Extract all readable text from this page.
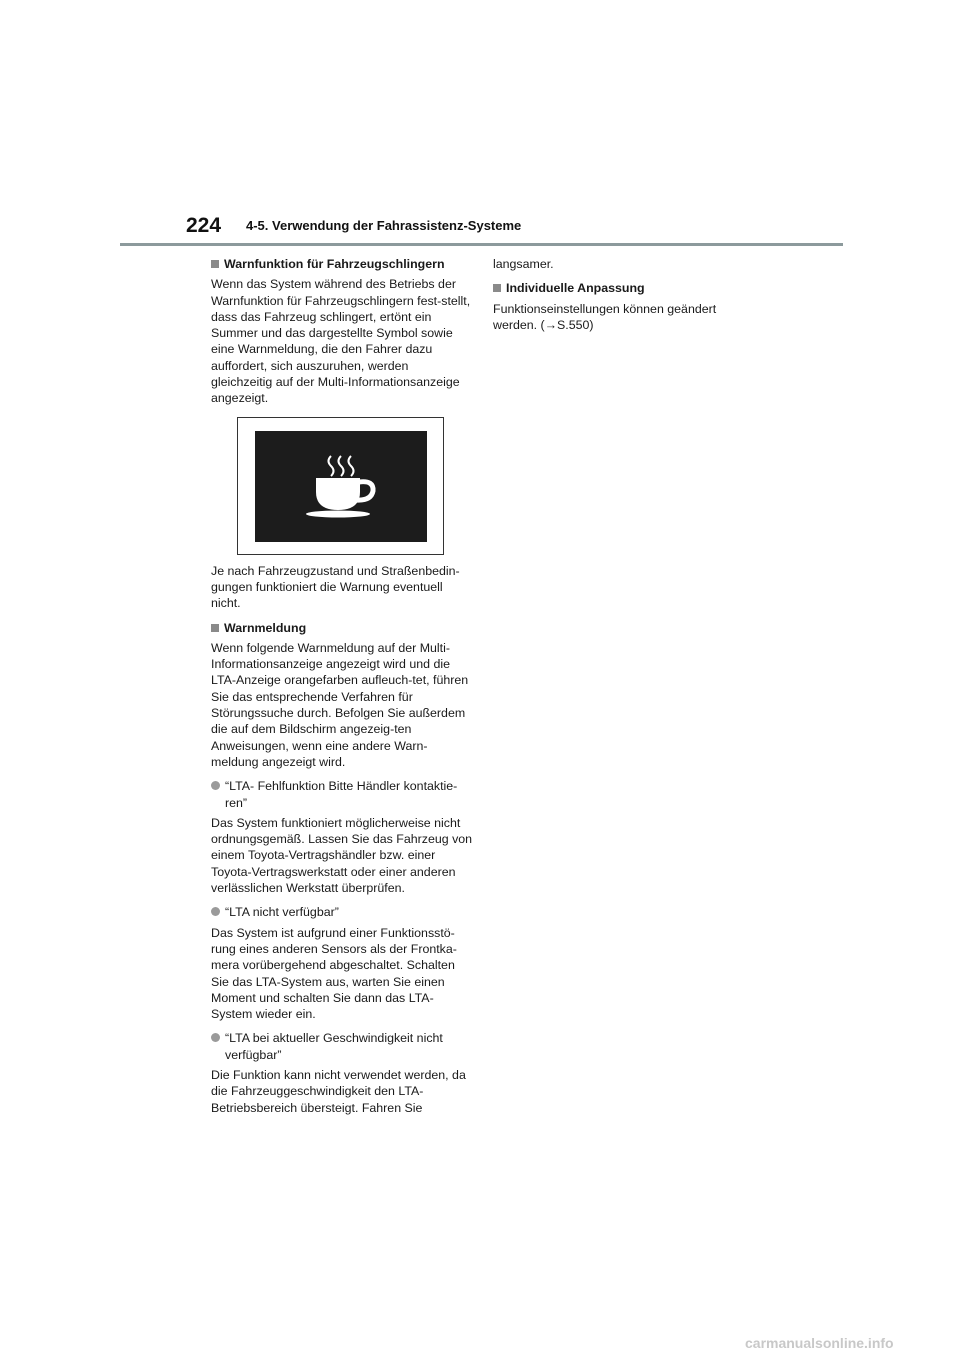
224 4-5. Verwendung der Fahrassistenz-Systeme
Warnfunktion für Fahrzeugschlingern

Wenn das System während des Betriebs der Warnfunktion für Fahrzeugschlingern fest-stellt, dass das Fahrzeug schlingert, ertönt ein Summer und das dargestellte Symbol sowie eine Warnmeldung, die den Fahrer dazu auffordert, sich auszuruhen, werden gleichzeitig auf der Multi-Informationsanzeige angezeigt.

Je nach Fahrzeugzustand und Straßenbedin-gungen funktioniert die Warnung eventuell nicht.

Warnmeldung

Wenn folgende Warnmeldung auf der Multi-Informationsanzeige angezeigt wird und die LTA-Anzeige orangefarben aufleuch-tet, führen Sie das entsprechende Verfahren für Störungssuche durch. Befolgen Sie außerdem die auf dem Bildschirm angezeig-ten Anweisungen, wenn eine andere Warn-meldung angezeigt wird.

“LTA- Fehlfunktion Bitte Händler kontaktie-ren”

Das System funktioniert möglicherweise nicht ordnungsgemäß. Lassen Sie das Fahrzeug von einem Toyota-Vertragshändler bzw. einer Toyota-Vertragswerkstatt oder einer anderen verlässlichen Werkstatt überprüfen.

“LTA nicht verfügbar”

Das System ist aufgrund einer Funktionsstö-rung eines anderen Sensors als der Frontka-mera vorübergehend abgeschaltet. Schalten Sie das LTA-System aus, warten Sie einen Moment und schalten Sie dann das LTA-System wieder ein.

“LTA bei aktueller Geschwindigkeit nicht verfügbar”

Die Funktion kann nicht verwendet werden, da die Fahrzeuggeschwindigkeit den LTA-Betriebsbereich übersteigt. Fahren Sie

langsamer.

Individuelle Anpassung

Funktionseinstellungen können geändert werden. (→S.550)

carmanualsonline.info
